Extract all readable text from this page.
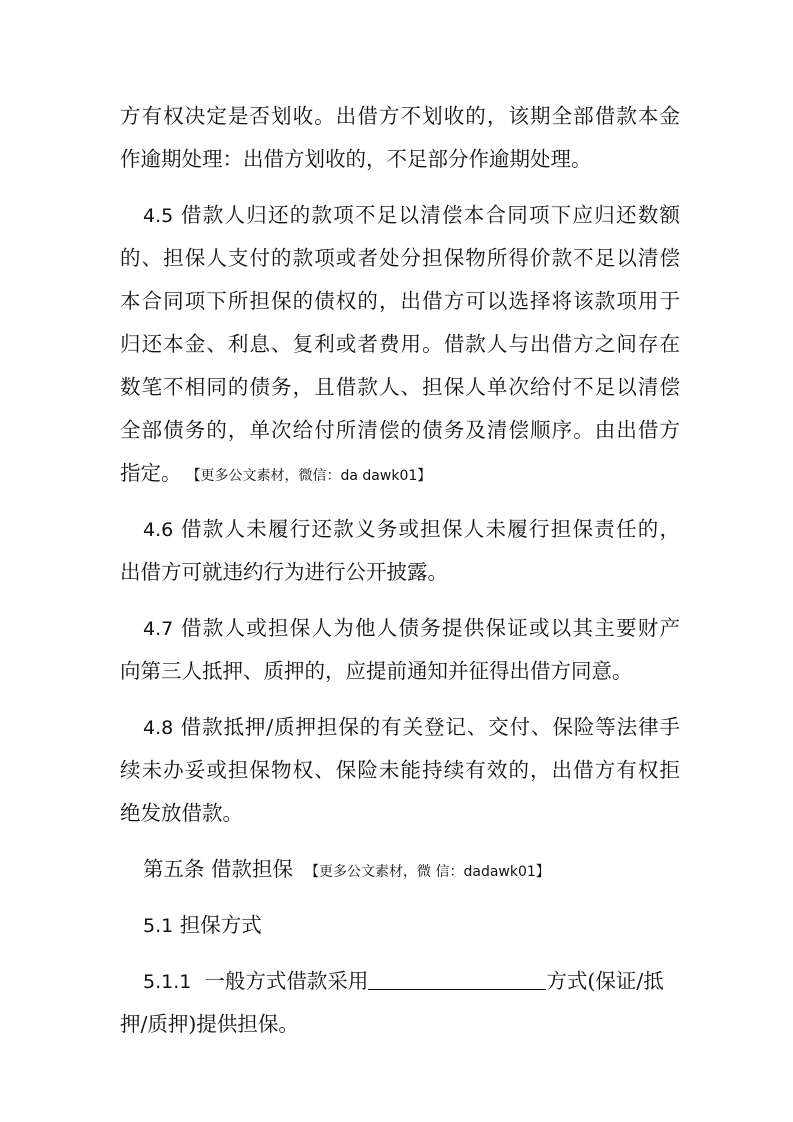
方有权决定是否划收。出借方不划收的，该期全部借款本金
作逾期处理：出借方划收的，不足部分作逾期处理。
4.5 借款人归还的款项不足以清偿本合同项下应归还数额
的、担保人支付的款项或者处分担保物所得价款不足以清偿
本合同项下所担保的债权的，出借方可以选择将该款项用于
归还本金、利息、复利或者费用。借款人与出借方之间存在
数笔不相同的债务，且借款人、担保人单次给付不足以清偿
全部债务的，单次给付所清偿的债务及清偿顺序。由出借方
指定。 【更多公文素材，微信：da dawk01】
4.6 借款人未履行还款义务或担保人未履行担保责任的，
出借方可就违约行为进行公开披露。
4.7 借款人或担保人为他人债务提供保证或以其主要财产
向第三人抵押、质押的，应提前通知并征得出借方同意。
4.8 借款抵押/质押担保的有关登记、交付、保险等法律手
续未办妥或担保物权、保险未能持续有效的，出借方有权拒
绝发放借款。
第五条 借款担保 【更多公文素材，微 信：dadawk01】
5.1 担保方式
5.1.1 一般方式借款采用	方式(保证/抵
押/质押)提供担保。
